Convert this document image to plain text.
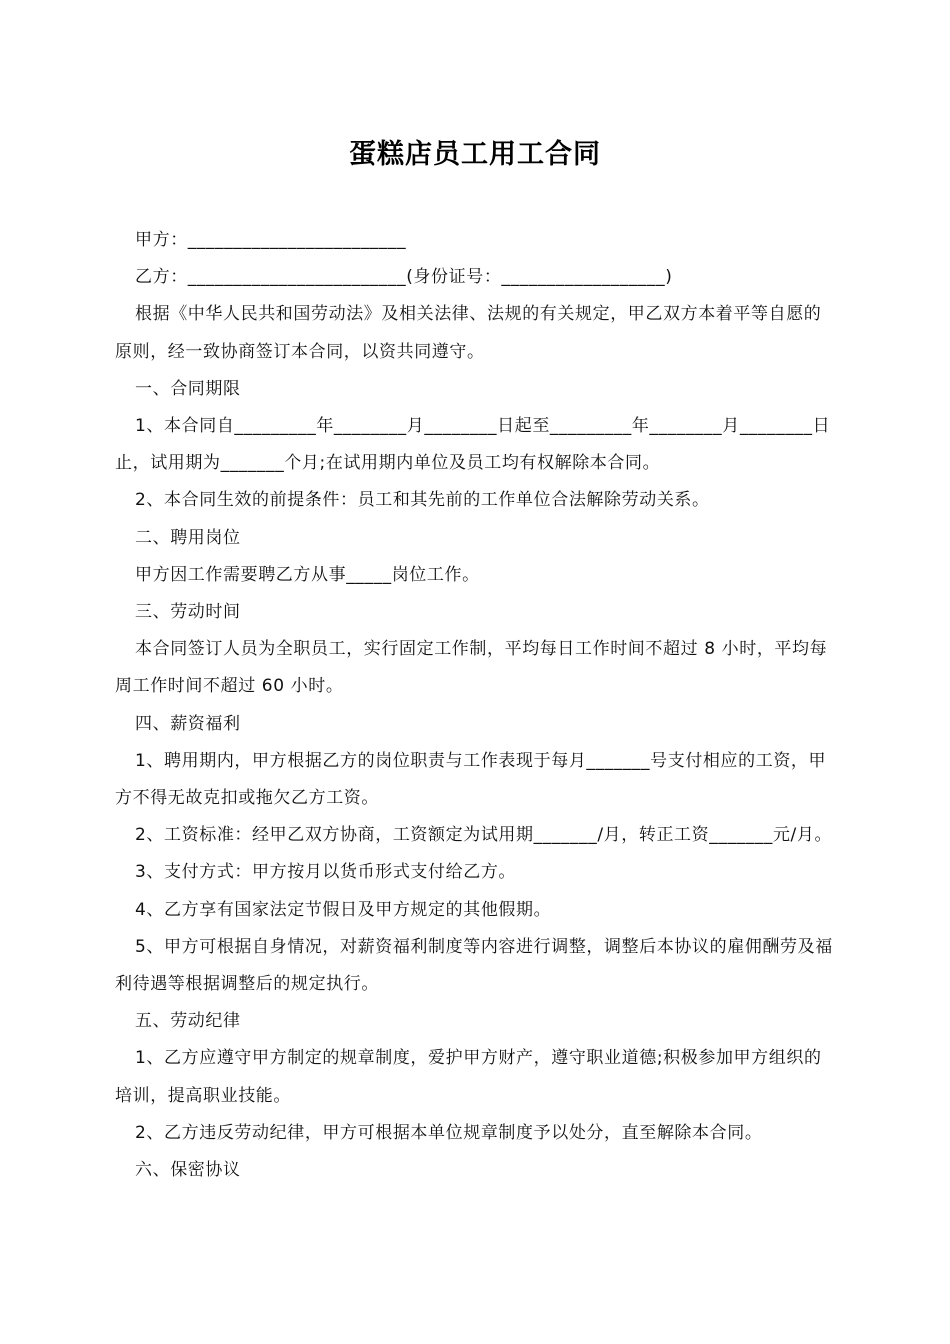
蛋糕店员工用工合同

甲方：________________________

乙方：________________________(身份证号：__________________)

根据《中华人民共和国劳动法》及相关法律、法规的有关规定，甲乙双方本着平等自愿的原则，经一致协商签订本合同，以资共同遵守。

一、合同期限

1、本合同自_________年________月________日起至_________年________月________日止，试用期为_______个月;在试用期内单位及员工均有权解除本合同。

2、本合同生效的前提条件：员工和其先前的工作单位合法解除劳动关系。

二、聘用岗位

甲方因工作需要聘乙方从事_____岗位工作。

三、劳动时间

本合同签订人员为全职员工，实行固定工作制，平均每日工作时间不超过 8 小时，平均每周工作时间不超过 60 小时。

四、薪资福利

1、聘用期内，甲方根据乙方的岗位职责与工作表现于每月_______号支付相应的工资，甲方不得无故克扣或拖欠乙方工资。

2、工资标准：经甲乙双方协商，工资额定为试用期_______/月，转正工资_______元/月。

3、支付方式：甲方按月以货币形式支付给乙方。

4、乙方享有国家法定节假日及甲方规定的其他假期。

5、甲方可根据自身情况，对薪资福利制度等内容进行调整，调整后本协议的雇佣酬劳及福利待遇等根据调整后的规定执行。

五、劳动纪律

1、乙方应遵守甲方制定的规章制度，爱护甲方财产，遵守职业道德;积极参加甲方组织的培训，提高职业技能。

2、乙方违反劳动纪律，甲方可根据本单位规章制度予以处分，直至解除本合同。

六、保密协议
